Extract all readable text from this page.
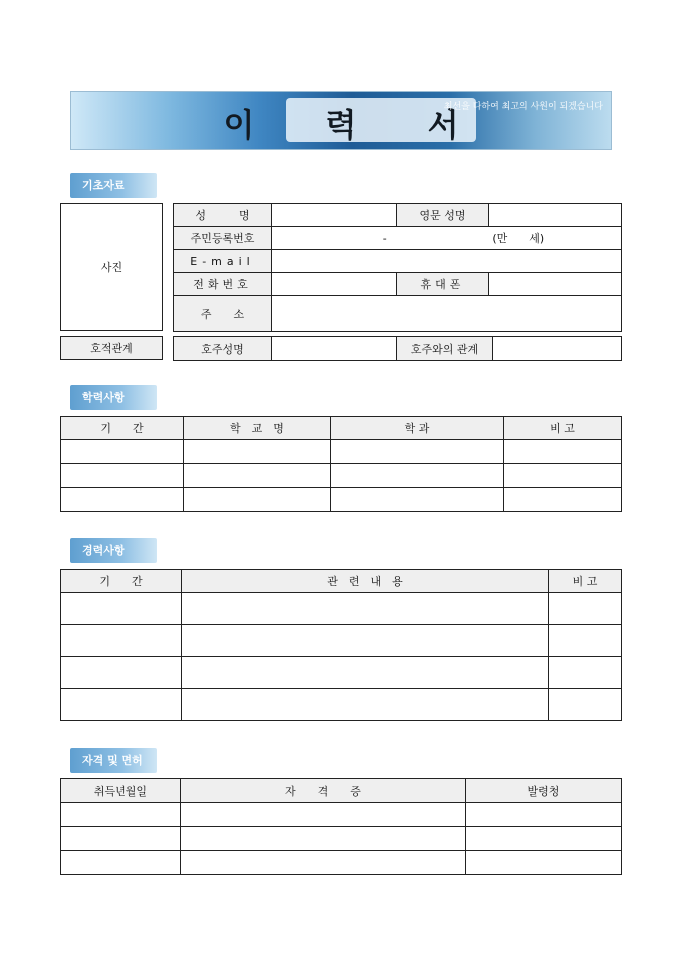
이 력 서
최선을 다하여 최고의 사원이 되겠습니다
기초자료
사진
성　　　명		영문 성명	
주민등록번호	- (만　　세)		
E-mail			
전화번호		휴대폰	
주　　소			
호적관계	호주성명		호주와의 관계	
학력사항
기　　간	학　교　명	학 과	비 고

경력사항
기　　간	관　련　내　용	비 고

자격 및 면허
취득년월일	자　　격　　증	발령청
